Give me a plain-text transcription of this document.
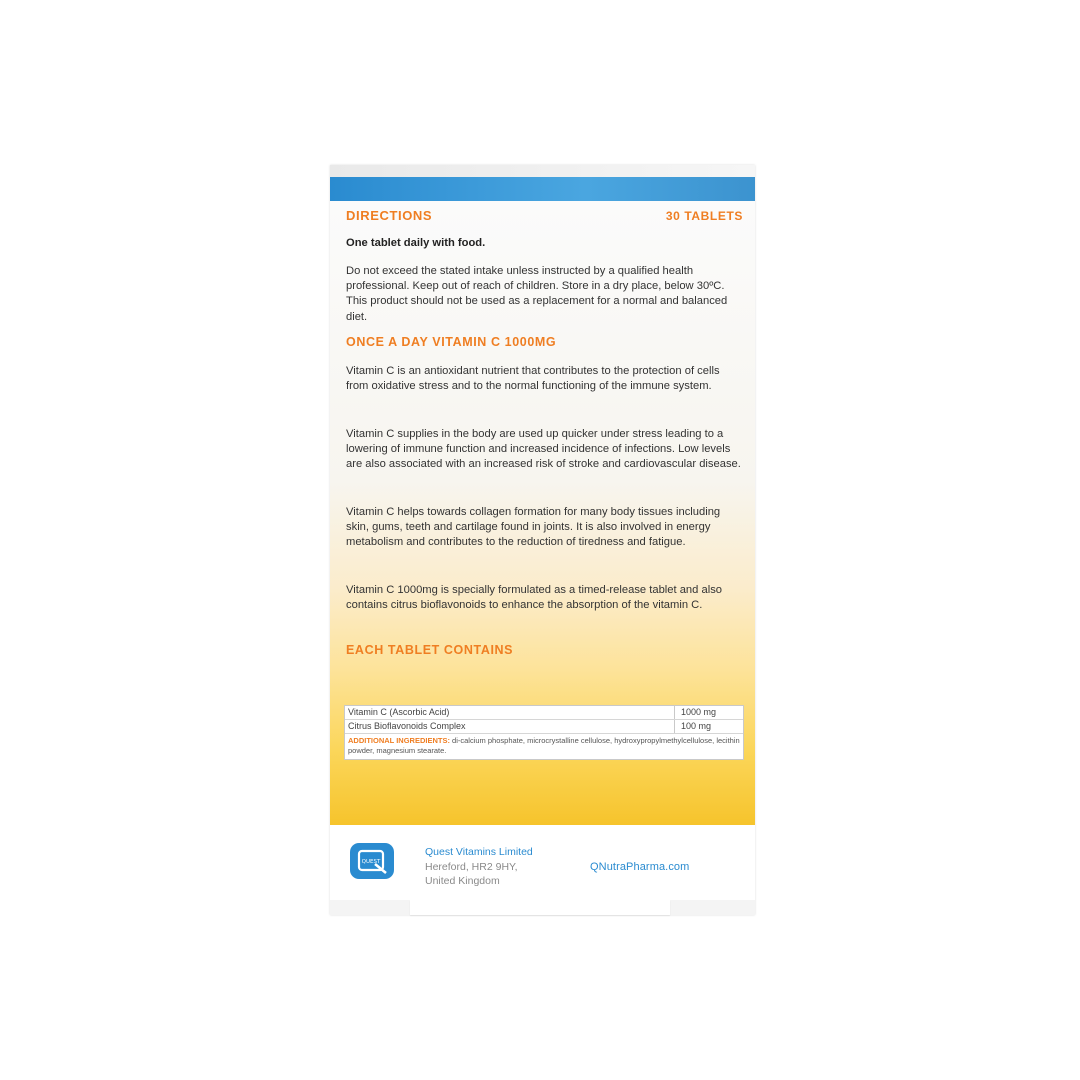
DIRECTIONS	30 TABLETS
One tablet daily with food.
Do not exceed the stated intake unless instructed by a qualified health professional. Keep out of reach of children. Store in a dry place, below 30ºC. This product should not be used as a replacement for a normal and balanced diet.
ONCE A DAY VITAMIN C 1000MG
Vitamin C is an antioxidant nutrient that contributes to the protection of cells from oxidative stress and to the normal functioning of the immune system.
Vitamin C supplies in the body are used up quicker under stress leading to a lowering of immune function and increased incidence of infections. Low levels are also associated with an increased risk of stroke and cardiovascular disease.
Vitamin C helps towards collagen formation for many body tissues including skin, gums, teeth and cartilage found in joints. It is also involved in energy metabolism and contributes to the reduction of tiredness and fatigue.
Vitamin C 1000mg is specially formulated as a timed-release tablet and also contains citrus bioflavonoids to enhance the absorption of the vitamin C.
EACH TABLET CONTAINS
Vitamin C (Ascorbic Acid)	1000 mg
Citrus Bioflavonoids Complex	100 mg
ADDITIONAL INGREDIENTS: di-calcium phosphate, microcrystalline cellulose, hydroxypropylmethylcellulose, lecithin powder, magnesium stearate.
QUEST
Quest Vitamins Limited
Hereford, HR2 9HY,
United Kingdom
QNutraPharma.com
